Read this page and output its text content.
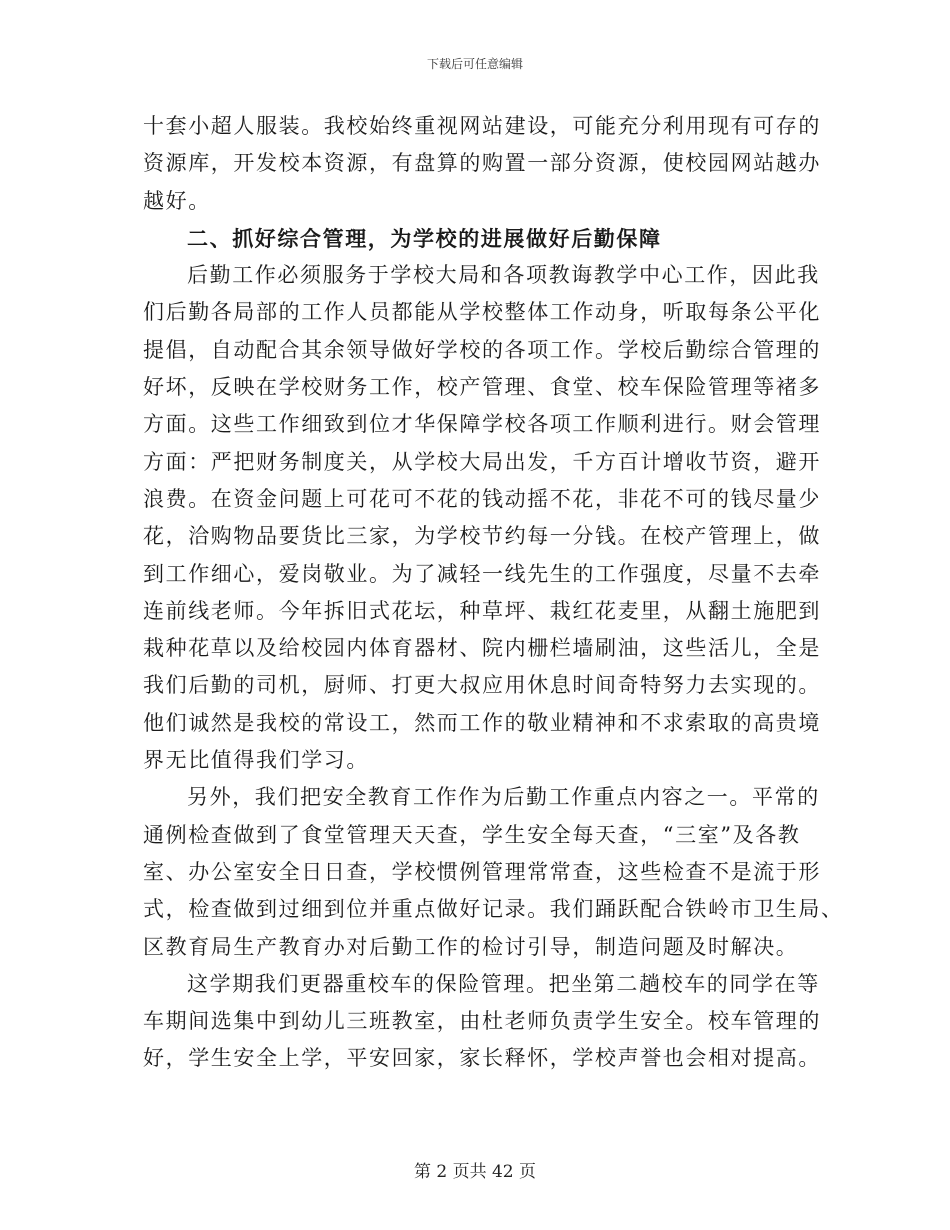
下载后可任意编辑
十套小超人服装。我校始终重视网站建设，可能充分利用现有可存的
资源库，开发校本资源，有盘算的购置一部分资源，使校园网站越办
越好。
二、抓好综合管理，为学校的进展做好后勤保障
后勤工作必须服务于学校大局和各项教诲教学中心工作，因此我
们后勤各局部的工作人员都能从学校整体工作动身，听取每条公平化
提倡，自动配合其余领导做好学校的各项工作。学校后勤综合管理的
好坏，反映在学校财务工作，校产管理、食堂、校车保险管理等褚多
方面。这些工作细致到位才华保障学校各项工作顺利进行。财会管理
方面：严把财务制度关，从学校大局出发，千方百计增收节资，避开
浪费。在资金问题上可花可不花的钱动摇不花，非花不可的钱尽量少
花，洽购物品要货比三家，为学校节约每一分钱。在校产管理上，做
到工作细心，爱岗敬业。为了减轻一线先生的工作强度，尽量不去牵
连前线老师。今年拆旧式花坛，种草坪、栽红花麦里，从翻土施肥到
栽种花草以及给校园内体育器材、院内栅栏墙刷油，这些活儿，全是
我们后勤的司机，厨师、打更大叔应用休息时间奇特努力去实现的。
他们诚然是我校的常设工，然而工作的敬业精神和不求索取的高贵境
界无比值得我们学习。
另外，我们把安全教育工作作为后勤工作重点内容之一。平常的
通例检查做到了食堂管理天天查，学生安全每天查，“三室”及各教
室、办公室安全日日查，学校惯例管理常常查，这些检查不是流于形
式，检查做到过细到位并重点做好记录。我们踊跃配合铁岭市卫生局、
区教育局生产教育办对后勤工作的检讨引导，制造问题及时解决。
这学期我们更器重校车的保险管理。把坐第二趟校车的同学在等
车期间选集中到幼儿三班教室，由杜老师负责学生安全。校车管理的
好，学生安全上学，平安回家，家长释怀，学校声誉也会相对提高。
第 2 页共 42 页
